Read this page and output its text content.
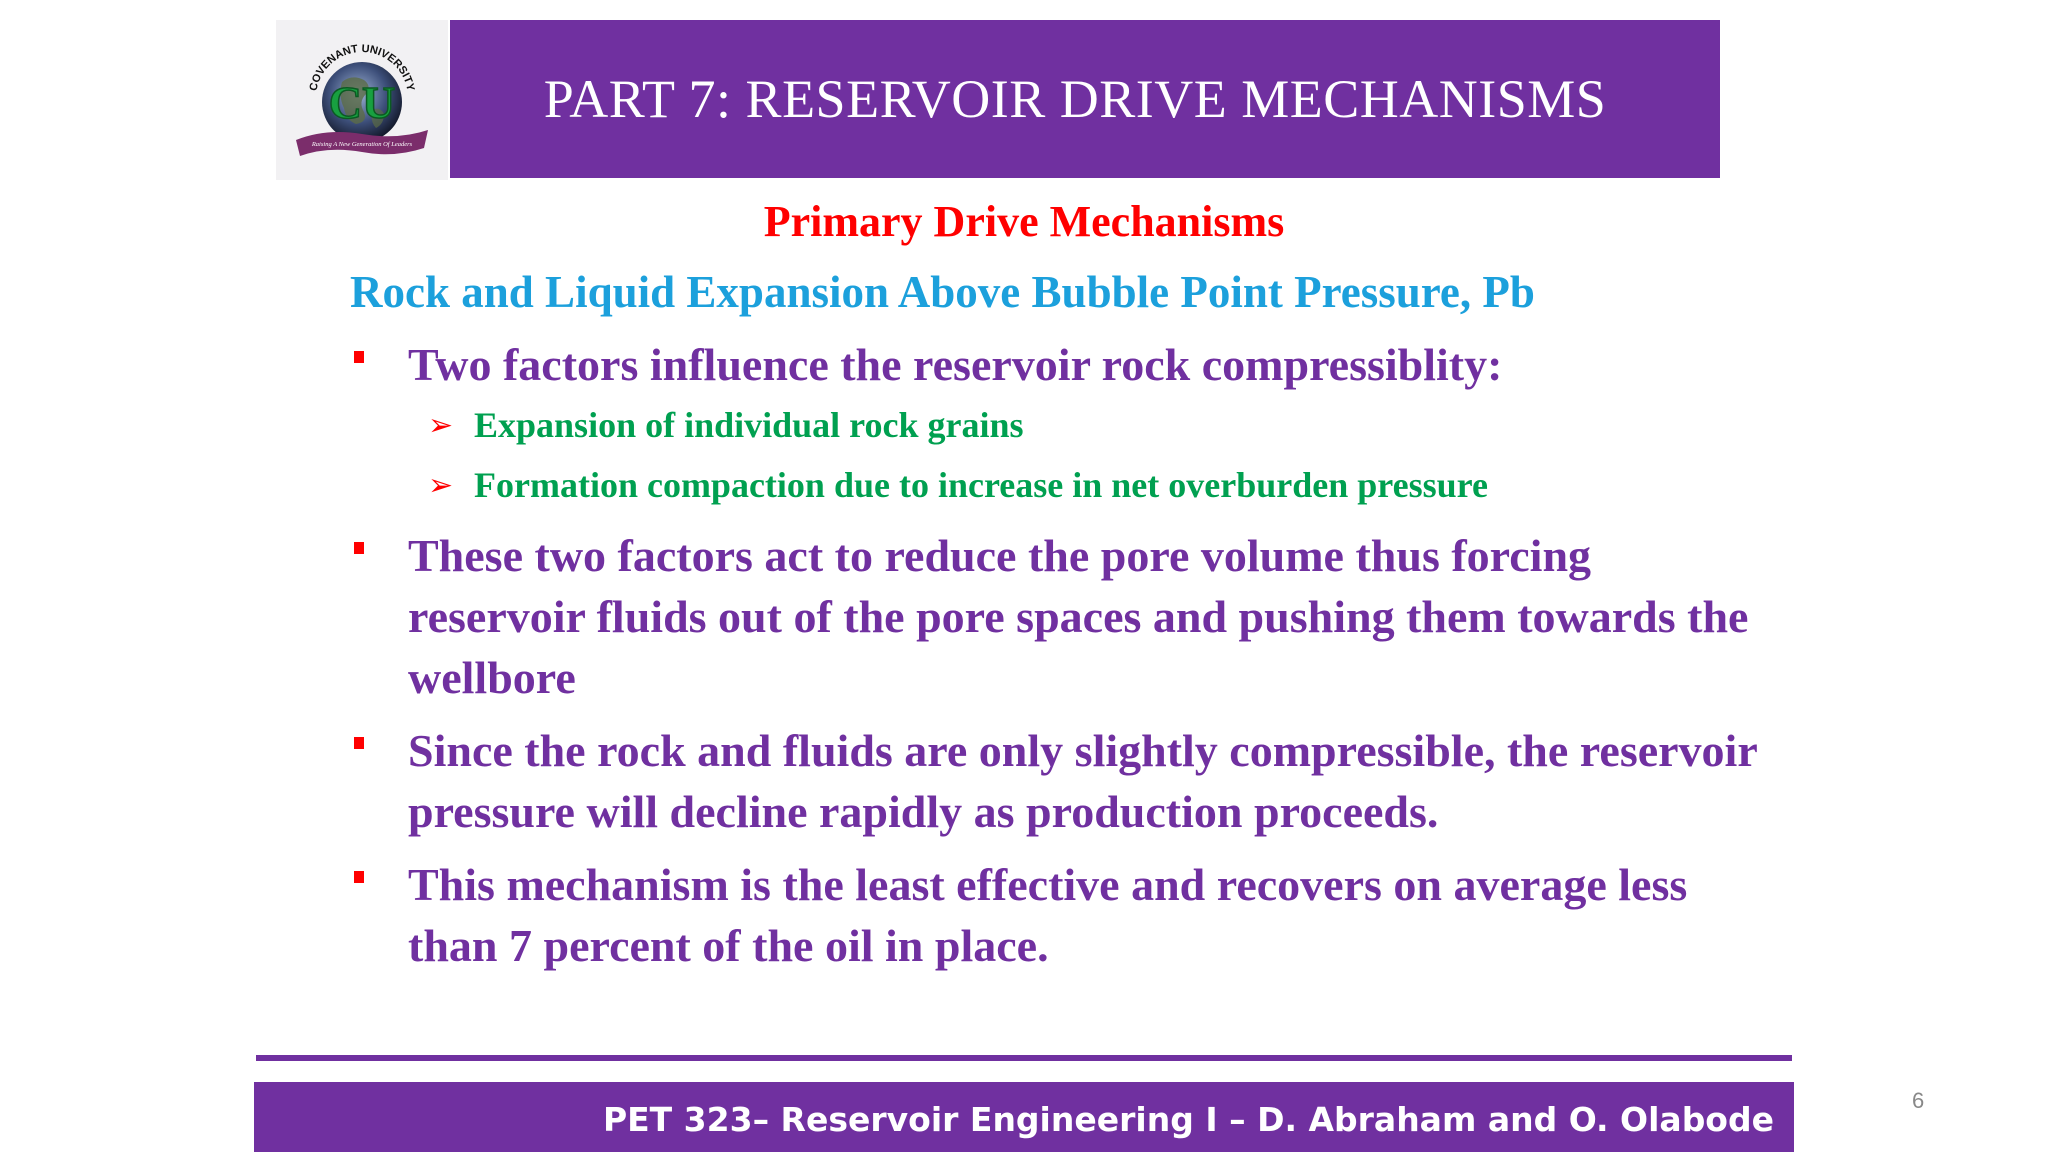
CU
COVENANT UNIVERSITY
Raising A New Generation Of Leaders
PART 7: RESERVOIR DRIVE MECHANISMS
Primary Drive Mechanisms
Rock and Liquid Expansion Above Bubble Point Pressure, Pb
Two factors influence the reservoir rock compressiblity:
➢ Expansion of individual rock grains
➢ Formation compaction due to increase in net overburden pressure
These two factors act to reduce the pore volume thus forcing reservoir fluids out of the pore spaces and pushing them towards the wellbore
Since the rock and fluids are only slightly compressible, the reservoir pressure will decline rapidly as production proceeds.
This mechanism is the least effective and recovers on average less than 7 percent of the oil in place.
PET 323– Reservoir Engineering I – D. Abraham and O. Olabode	6
